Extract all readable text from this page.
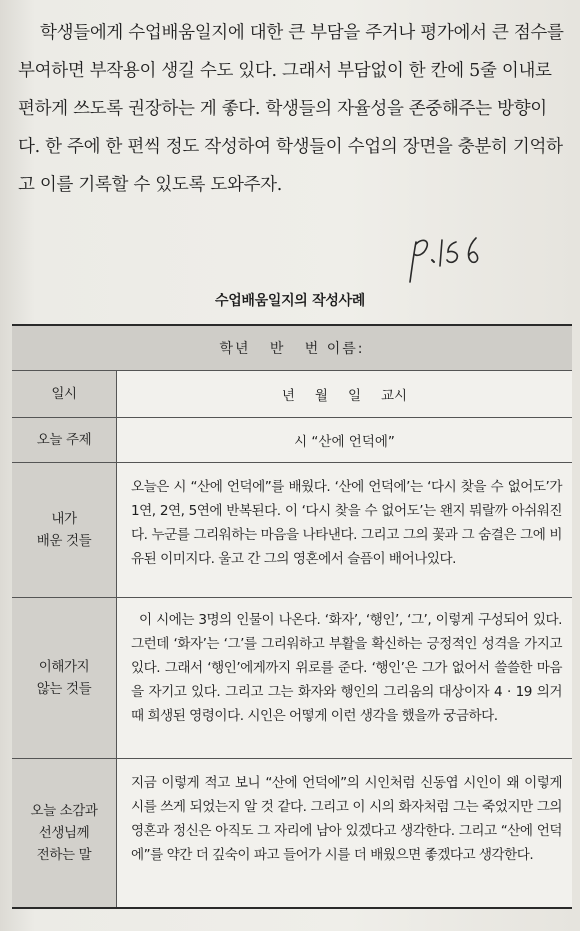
학생들에게 수업배움일지에 대한 큰 부담을 주거나 평가에서 큰 점수를 부여하면 부작용이 생길 수도 있다. 그래서 부담없이 한 칸에 5줄 이내로 편하게 쓰도록 권장하는 게 좋다. 학생들의 자율성을 존중해주는 방향이다. 한 주에 한 편씩 정도 작성하여 학생들이 수업의 장면을 충분히 기억하고 이를 기록할 수 있도록 도와주자.

수업배움일지의 작성사례
학년   반   번 이름:
일시	년 월 일 교시
오늘 주제	시 “산에 언덕에”
내가
배운 것들
오늘은 시 “산에 언덕에”를 배웠다. ‘산에 언덕에’는 ‘다시 찾을 수 없어도’가 1연, 2연, 5연에 반복된다. 이 ‘다시 찾을 수 없어도’는 왠지 뭐랄까 아쉬워진다. 누군를 그리워하는 마음을 나타낸다. 그리고 그의 꽃과 그 숨결은 그에 비유된 이미지다. 울고 간 그의 영혼에서 슬픔이 배어나있다.
이해가지
않는 것들
이 시에는 3명의 인물이 나온다. ‘화자’, ‘행인’, ‘그’, 이렇게 구성되어 있다. 그런데 ‘화자’는 ‘그’를 그리워하고 부활을 확신하는 긍정적인 성격을 가지고 있다. 그래서 ‘행인’에게까지 위로를 준다. ‘행인’은 그가 없어서 쓸쓸한 마음을 자기고 있다. 그리고 그는 화자와 행인의 그리움의 대상이자 4 · 19 의거 때 희생된 영령이다. 시인은 어떻게 이런 생각을 했을까 궁금하다.
오늘 소감과
선생님께
전하는 말
지금 이렇게 적고 보니 “산에 언덕에”의 시인처럼 신동엽 시인이 왜 이렇게 시를 쓰게 되었는지 알 것 같다. 그리고 이 시의 화자처럼 그는 죽었지만 그의 영혼과 정신은 아직도 그 자리에 남아 있겠다고 생각한다. 그리고 “산에 언덕에”를 약간 더 깊숙이 파고 들어가 시를 더 배웠으면 좋겠다고 생각한다.
